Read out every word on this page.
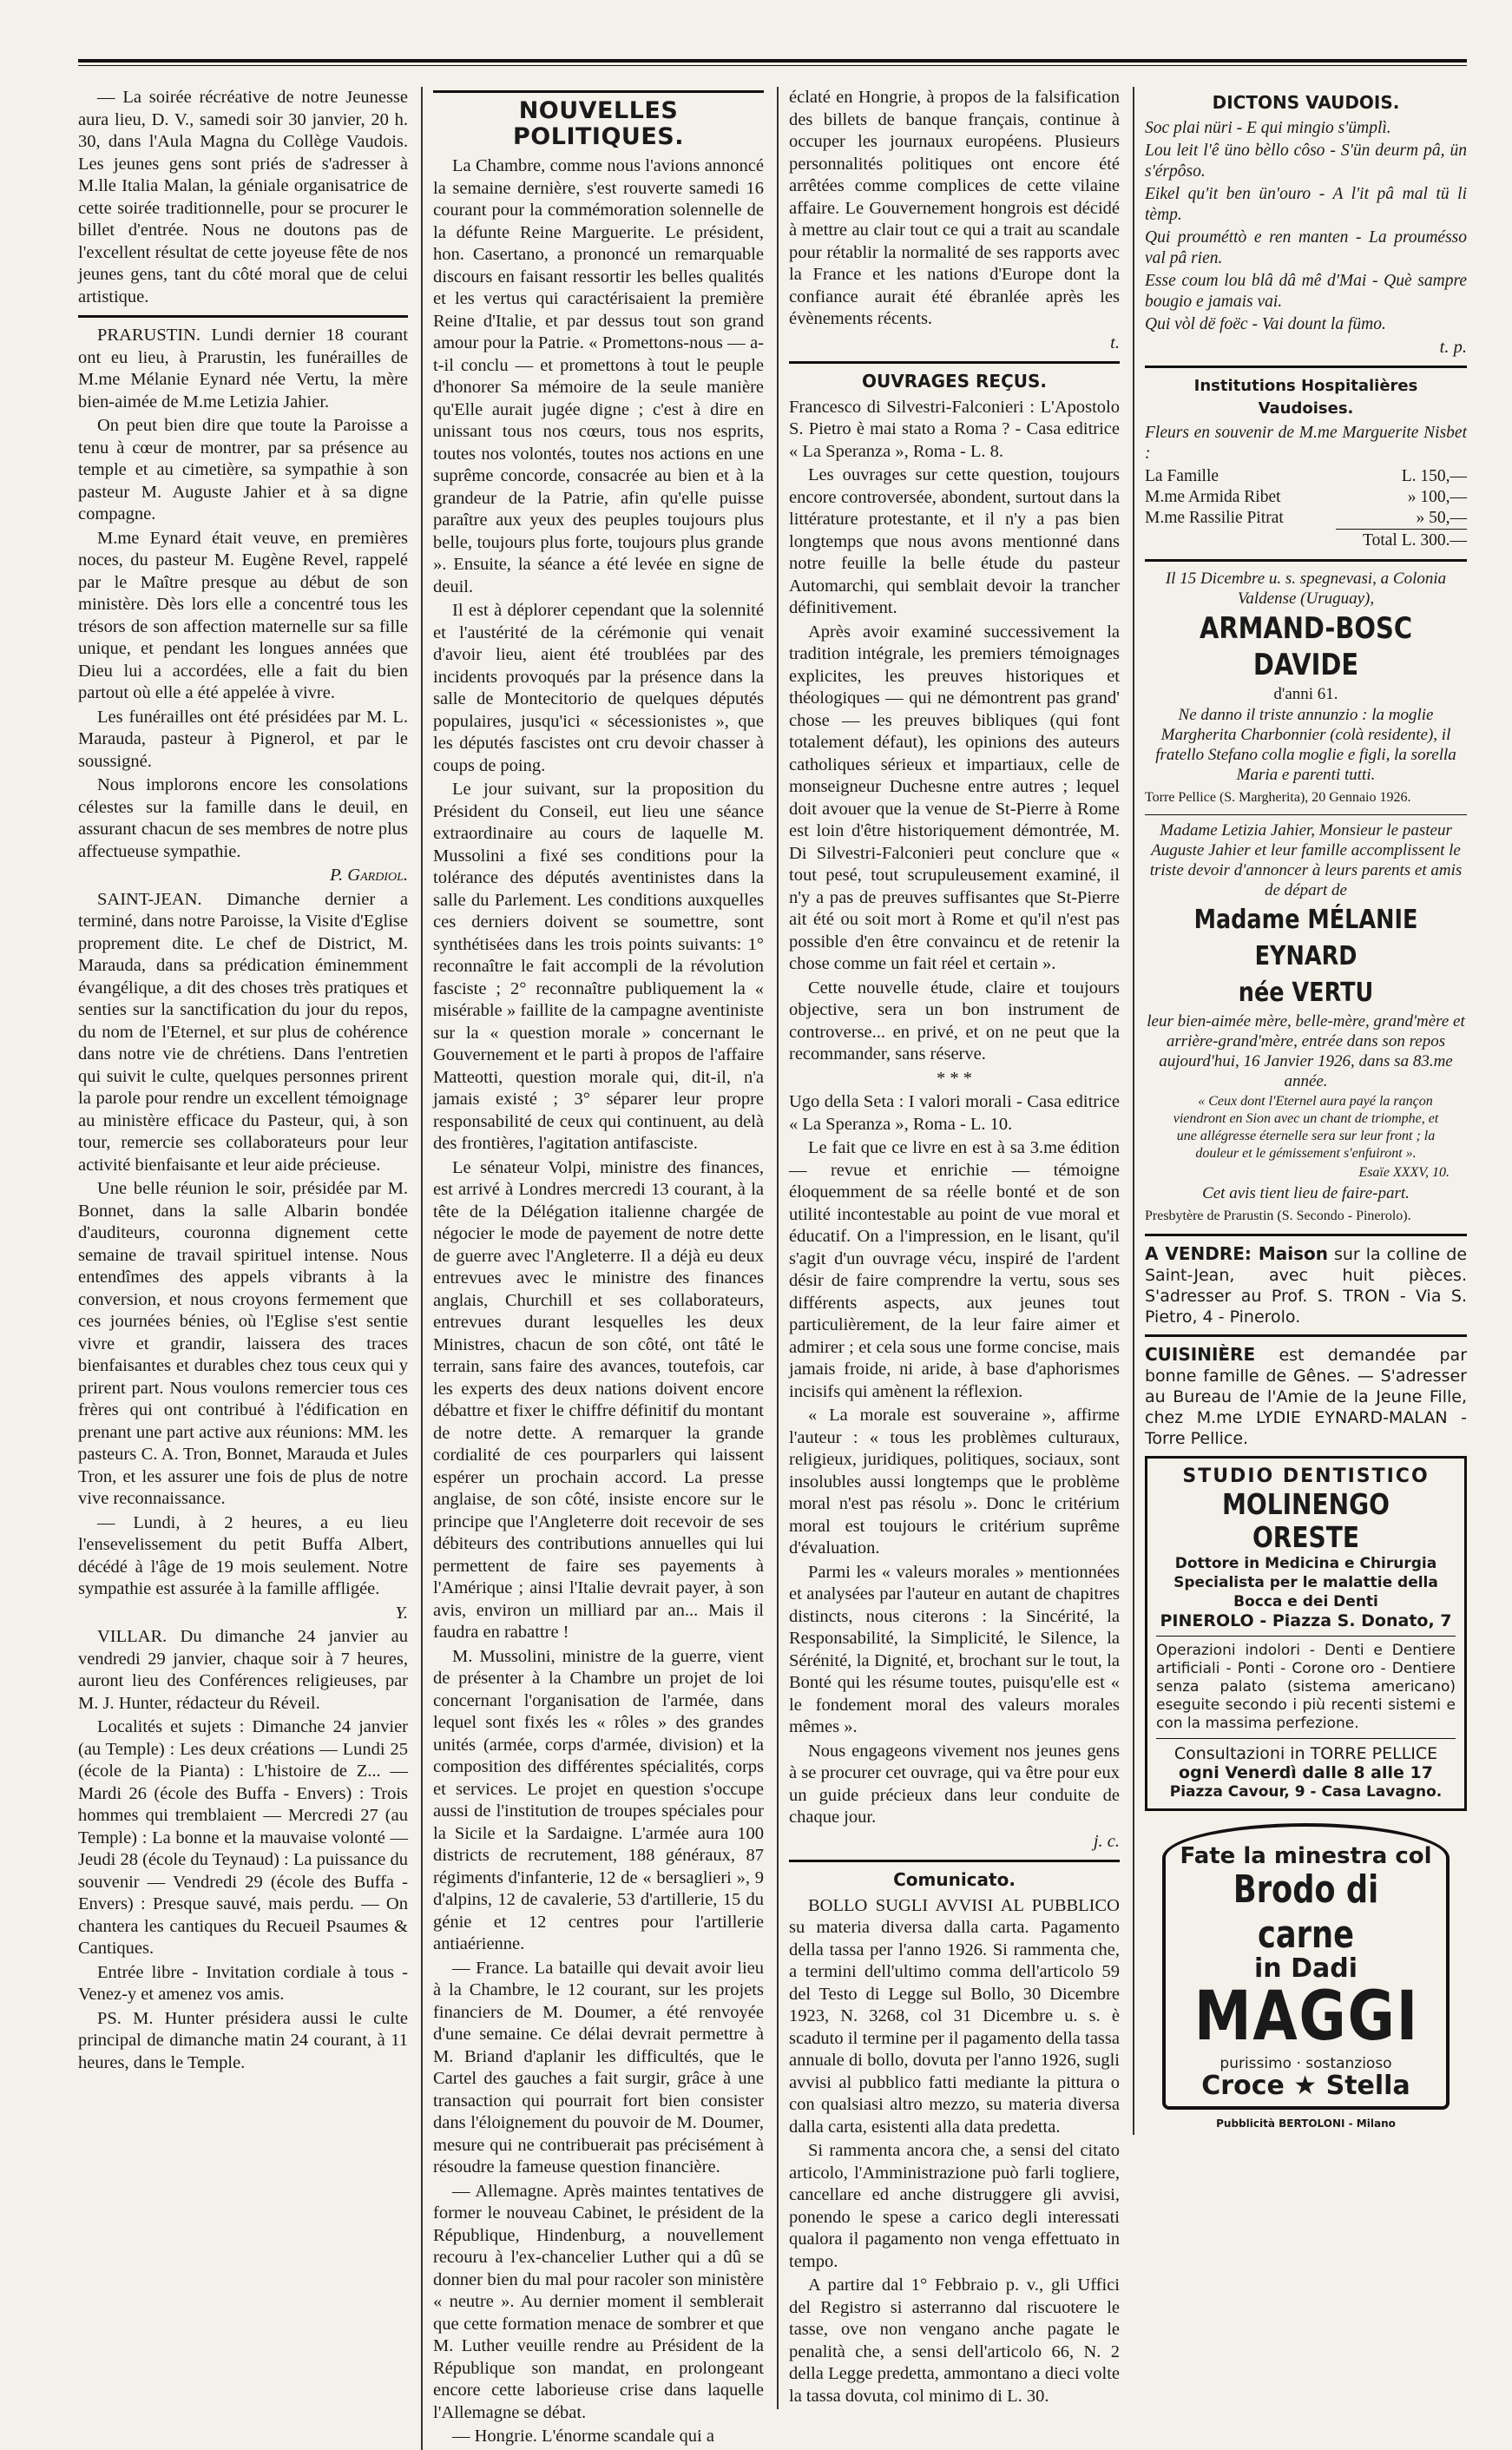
— La soirée récréative de notre Jeunesse aura lieu, D. V., samedi soir 30 janvier, 20 h. 30, dans l'Aula Magna du Collège Vaudois. Les jeunes gens sont priés de s'adresser à M.lle Italia Malan, la géniale organisatrice de cette soirée traditionnelle, pour se procurer le billet d'entrée. Nous ne doutons pas de l'excellent résultat de cette joyeuse fête de nos jeunes gens, tant du côté moral que de celui artistique.

PRARUSTIN. Lundi dernier 18 courant ont eu lieu, à Prarustin, les funérailles de M.me Mélanie Eynard née Vertu, la mère bien-aimée de M.me Letizia Jahier.

On peut bien dire que toute la Paroisse a tenu à cœur de montrer, par sa présence au temple et au cimetière, sa sympathie à son pasteur M. Auguste Jahier et à sa digne compagne.

M.me Eynard était veuve, en premières noces, du pasteur M. Eugène Revel, rappelé par le Maître presque au début de son ministère. Dès lors elle a concentré tous les trésors de son affection maternelle sur sa fille unique, et pendant les longues années que Dieu lui a accordées, elle a fait du bien partout où elle a été appelée à vivre.

Les funérailles ont été présidées par M. L. Marauda, pasteur à Pignerol, et par le soussigné.

Nous implorons encore les consolations célestes sur la famille dans le deuil, en assurant chacun de ses membres de notre plus affectueuse sympathie.

P. Gardiol.

SAINT-JEAN. Dimanche dernier a terminé, dans notre Paroisse, la Visite d'Eglise proprement dite. Le chef de District, M. Marauda, dans sa prédication éminemment évangélique, a dit des choses très pratiques et senties sur la sanctification du jour du repos, du nom de l'Eternel, et sur plus de cohérence dans notre vie de chrétiens. Dans l'entretien qui suivit le culte, quelques personnes prirent la parole pour rendre un excellent témoignage au ministère efficace du Pasteur, qui, à son tour, remercie ses collaborateurs pour leur activité bienfaisante et leur aide précieuse.

Une belle réunion le soir, présidée par M. Bonnet, dans la salle Albarin bondée d'auditeurs, couronna dignement cette semaine de travail spirituel intense. Nous entendîmes des appels vibrants à la conversion, et nous croyons fermement que ces journées bénies, où l'Eglise s'est sentie vivre et grandir, laissera des traces bienfaisantes et durables chez tous ceux qui y prirent part. Nous voulons remercier tous ces frères qui ont contribué à l'édification en prenant une part active aux réunions: MM. les pasteurs C. A. Tron, Bonnet, Marauda et Jules Tron, et les assurer une fois de plus de notre vive reconnaissance.

— Lundi, à 2 heures, a eu lieu l'ensevelissement du petit Buffa Albert, décédé à l'âge de 19 mois seulement. Notre sympathie est assurée à la famille affligée.

Y.

VILLAR. Du dimanche 24 janvier au vendredi 29 janvier, chaque soir à 7 heures, auront lieu des Conférences religieuses, par M. J. Hunter, rédacteur du Réveil.

Localités et sujets : Dimanche 24 janvier (au Temple) : Les deux créations — Lundi 25 (école de la Pianta) : L'histoire de Z... — Mardi 26 (école des Buffa - Envers) : Trois hommes qui tremblaient — Mercredi 27 (au Temple) : La bonne et la mauvaise volonté — Jeudi 28 (école du Teynaud) : La puissance du souvenir — Vendredi 29 (école des Buffa - Envers) : Presque sauvé, mais perdu. — On chantera les cantiques du Recueil Psaumes & Cantiques.

Entrée libre - Invitation cordiale à tous - Venez-y et amenez vos amis.

PS. M. Hunter présidera aussi le culte principal de dimanche matin 24 courant, à 11 heures, dans le Temple.

NOUVELLES POLITIQUES.

La Chambre, comme nous l'avions annoncé la semaine dernière, s'est rouverte samedi 16 courant pour la commémoration solennelle de la défunte Reine Marguerite. Le président, hon. Casertano, a prononcé un remarquable discours en faisant ressortir les belles qualités et les vertus qui caractérisaient la première Reine d'Italie, et par dessus tout son grand amour pour la Patrie. « Promettons-nous — a-t-il conclu — et promettons à tout le peuple d'honorer Sa mémoire de la seule manière qu'Elle aurait jugée digne ; c'est à dire en unissant tous nos cœurs, tous nos esprits, toutes nos volontés, toutes nos actions en une suprême concorde, consacrée au bien et à la grandeur de la Patrie, afin qu'elle puisse paraître aux yeux des peuples toujours plus belle, toujours plus forte, toujours plus grande ». Ensuite, la séance a été levée en signe de deuil.

Il est à déplorer cependant que la solennité et l'austérité de la cérémonie qui venait d'avoir lieu, aient été troublées par des incidents provoqués par la présence dans la salle de Montecitorio de quelques députés populaires, jusqu'ici « sécessionistes », que les députés fascistes ont cru devoir chasser à coups de poing.

Le jour suivant, sur la proposition du Président du Conseil, eut lieu une séance extraordinaire au cours de laquelle M. Mussolini a fixé ses conditions pour la tolérance des députés aventinistes dans la salle du Parlement. Les conditions auxquelles ces derniers doivent se soumettre, sont synthétisées dans les trois points suivants: 1° reconnaître le fait accompli de la révolution fasciste ; 2° reconnaître publiquement la « misérable » faillite de la campagne aventiniste sur la « question morale » concernant le Gouvernement et le parti à propos de l'affaire Matteotti, question morale qui, dit-il, n'a jamais existé ; 3° séparer leur propre responsabilité de ceux qui continuent, au delà des frontières, l'agitation antifasciste.

Le sénateur Volpi, ministre des finances, est arrivé à Londres mercredi 13 courant, à la tête de la Délégation italienne chargée de négocier le mode de payement de notre dette de guerre avec l'Angleterre. Il a déjà eu deux entrevues avec le ministre des finances anglais, Churchill et ses collaborateurs, entrevues durant lesquelles les deux Ministres, chacun de son côté, ont tâté le terrain, sans faire des avances, toutefois, car les experts des deux nations doivent encore débattre et fixer le chiffre définitif du montant de notre dette. A remarquer la grande cordialité de ces pourparlers qui laissent espérer un prochain accord. La presse anglaise, de son côté, insiste encore sur le principe que l'Angleterre doit recevoir de ses débiteurs des contributions annuelles qui lui permettent de faire ses payements à l'Amérique ; ainsi l'Italie devrait payer, à son avis, environ un milliard par an... Mais il faudra en rabattre !

M. Mussolini, ministre de la guerre, vient de présenter à la Chambre un projet de loi concernant l'organisation de l'armée, dans lequel sont fixés les « rôles » des grandes unités (armée, corps d'armée, division) et la composition des différentes spécialités, corps et services. Le projet en question s'occupe aussi de l'institution de troupes spéciales pour la Sicile et la Sardaigne. L'armée aura 100 districts de recrutement, 188 généraux, 87 régiments d'infanterie, 12 de « bersaglieri », 9 d'alpins, 12 de cavalerie, 53 d'artillerie, 15 du génie et 12 centres pour l'artillerie antiaérienne.

— France. La bataille qui devait avoir lieu à la Chambre, le 12 courant, sur les projets financiers de M. Doumer, a été renvoyée d'une semaine. Ce délai devrait permettre à M. Briand d'aplanir les difficultés, que le Cartel des gauches a fait surgir, grâce à une transaction qui pourrait fort bien consister dans l'éloignement du pouvoir de M. Doumer, mesure qui ne contribuerait pas précisément à résoudre la fameuse question financière.

— Allemagne. Après maintes tentatives de former le nouveau Cabinet, le président de la République, Hindenburg, a nouvellement recouru à l'ex-chancelier Luther qui a dû se donner bien du mal pour racoler son ministère « neutre ». Au dernier moment il semblerait que cette formation menace de sombrer et que M. Luther veuille rendre au Président de la République son mandat, en prolongeant encore cette laborieuse crise dans laquelle l'Allemagne se débat.

— Hongrie. L'énorme scandale qui a

éclaté en Hongrie, à propos de la falsification des billets de banque français, continue à occuper les journaux européens. Plusieurs personnalités politiques ont encore été arrêtées comme complices de cette vilaine affaire. Le Gouvernement hongrois est décidé à mettre au clair tout ce qui a trait au scandale pour rétablir la normalité de ses rapports avec la France et les nations d'Europe dont la confiance aurait été ébranlée après les évènements récents.

t.

OUVRAGES REÇUS.

Francesco di Silvestri-Falconieri : L'Apostolo S. Pietro è mai stato a Roma ? - Casa editrice « La Speranza », Roma - L. 8.

Les ouvrages sur cette question, toujours encore controversée, abondent, surtout dans la littérature protestante, et il n'y a pas bien longtemps que nous avons mentionné dans notre feuille la belle étude du pasteur Automarchi, qui semblait devoir la trancher définitivement.

Après avoir examiné successivement la tradition intégrale, les premiers témoignages explicites, les preuves historiques et théologiques — qui ne démontrent pas grand' chose — les preuves bibliques (qui font totalement défaut), les opinions des auteurs catholiques sérieux et impartiaux, celle de monseigneur Duchesne entre autres ; lequel doit avouer que la venue de St-Pierre à Rome est loin d'être historiquement démontrée, M. Di Silvestri-Falconieri peut conclure que « tout pesé, tout scrupuleusement examiné, il n'y a pas de preuves suffisantes que St-Pierre ait été ou soit mort à Rome et qu'il n'est pas possible d'en être convaincu et de retenir la chose comme un fait réel et certain ».

Cette nouvelle étude, claire et toujours objective, sera un bon instrument de controverse... en privé, et on ne peut que la recommander, sans réserve.

* * *

Ugo della Seta : I valori morali - Casa editrice « La Speranza », Roma - L. 10.

Le fait que ce livre en est à sa 3.me édition — revue et enrichie — témoigne éloquemment de sa réelle bonté et de son utilité incontestable au point de vue moral et éducatif. On a l'impression, en le lisant, qu'il s'agit d'un ouvrage vécu, inspiré de l'ardent désir de faire comprendre la vertu, sous ses différents aspects, aux jeunes tout particulièrement, de la leur faire aimer et admirer ; et cela sous une forme concise, mais jamais froide, ni aride, à base d'aphorismes incisifs qui amènent la réflexion.

« La morale est souveraine », affirme l'auteur : « tous les problèmes culturaux, religieux, juridiques, politiques, sociaux, sont insolubles aussi longtemps que le problème moral n'est pas résolu ». Donc le critérium moral est toujours le critérium suprême d'évaluation.

Parmi les « valeurs morales » mentionnées et analysées par l'auteur en autant de chapitres distincts, nous citerons : la Sincérité, la Responsabilité, la Simplicité, le Silence, la Sérénité, la Dignité, et, brochant sur le tout, la Bonté qui les résume toutes, puisqu'elle est « le fondement moral des valeurs morales mêmes ».

Nous engageons vivement nos jeunes gens à se procurer cet ouvrage, qui va être pour eux un guide précieux dans leur conduite de chaque jour.

j. c.

Comunicato.

BOLLO SUGLI AVVISI AL PUBBLICO su materia diversa dalla carta. Pagamento della tassa per l'anno 1926. Si rammenta che, a termini dell'ultimo comma dell'articolo 59 del Testo di Legge sul Bollo, 30 Dicembre 1923, N. 3268, col 31 Dicembre u. s. è scaduto il termine per il pagamento della tassa annuale di bollo, dovuta per l'anno 1926, sugli avvisi al pubblico fatti mediante la pittura o con qualsiasi altro mezzo, su materia diversa dalla carta, esistenti alla data predetta.

Si rammenta ancora che, a sensi del citato articolo, l'Amministrazione può farli togliere, cancellare ed anche distruggere gli avvisi, ponendo le spese a carico degli interessati qualora il pagamento non venga effettuato in tempo.

A partire dal 1° Febbraio p. v., gli Uffici del Registro si asterranno dal riscuotere le tasse, ove non vengano anche pagate le penalità che, a sensi dell'articolo 66, N. 2 della Legge predetta, ammontano a dieci volte la tassa dovuta, col minimo di L. 30.

DICTONS VAUDOIS.

Soc plai nüri - E qui mingio s'ümplì.

Lou leit l'ê üno bèllo côso - S'ün deurm pâ, ün s'érpôso.

Eikel qu'it ben ün'ouro - A l'it pâ mal tü li tèmp.

Qui prouméttò e ren manten - La proumésso val pâ rien.

Esse coum lou blâ dâ mê d'Mai - Què sampre bougio e jamais vai.

Qui vòl dë foëc - Vai dount la fümo.

t. p.

Institutions Hospitalières Vaudoises.

Fleurs en souvenir de M.me Marguerite Nisbet :

La Famille	L. 150,—
M.me Armida Ribet	» 100,—
M.me Rassilie Pitrat	» 50,—
Total L. 300.—

Il 15 Dicembre u. s. spegnevasi, a Colonia Valdense (Uruguay),

ARMAND-BOSC DAVIDE
d'anni 61.

Ne danno il triste annunzio : la moglie Margherita Charbonnier (colà residente), il fratello Stefano colla moglie e figli, la sorella Maria e parenti tutti.

Torre Pellice (S. Margherita), 20 Gennaio 1926.

Madame Letizia Jahier, Monsieur le pasteur Auguste Jahier et leur famille accomplissent le triste devoir d'annoncer à leurs parents et amis de départ de

Madame MÉLANIE EYNARD
née VERTU

leur bien-aimée mère, belle-mère, grand'mère et arrière-grand'mère, entrée dans son repos aujourd'hui, 16 Janvier 1926, dans sa 83.me année.

« Ceux dont l'Eternel aura payé la rançon viendront en Sion avec un chant de triomphe, et une allégresse éternelle sera sur leur front ; la douleur et le gémissement s'enfuiront ».

Esaïe XXXV, 10.

Cet avis tient lieu de faire-part.

Presbytère de Prarustin (S. Secondo - Pinerolo).

A VENDRE: Maison sur la colline de Saint-Jean, avec huit pièces. S'adresser au Prof. S. TRON - Via S. Pietro, 4 - Pinerolo.

CUISINIÈRE est demandée par bonne famille de Gênes. — S'adresser au Bureau de l'Amie de la Jeune Fille, chez M.me LYDIE EYNARD-MALAN - Torre Pellice.

STUDIO DENTISTICO
MOLINENGO ORESTE
Dottore in Medicina e Chirurgia
Specialista per le malattie della Bocca e dei Denti
PINEROLO - Piazza S. Donato, 7
Operazioni indolori - Denti e Dentiere artificiali - Ponti - Corone oro - Dentiere senza palato (sistema americano) eseguite secondo i più recenti sistemi e con la massima perfezione.
Consultazioni in TORRE PELLICE
ogni Venerdì dalle 8 alle 17
Piazza Cavour, 9 - Casa Lavagno.
Fate la minestra col
Brodo di carne
in Dadi
MAGGI
purissimo · sostanzioso
Croce ★ Stella
Pubblicità BERTOLONI - Milano
